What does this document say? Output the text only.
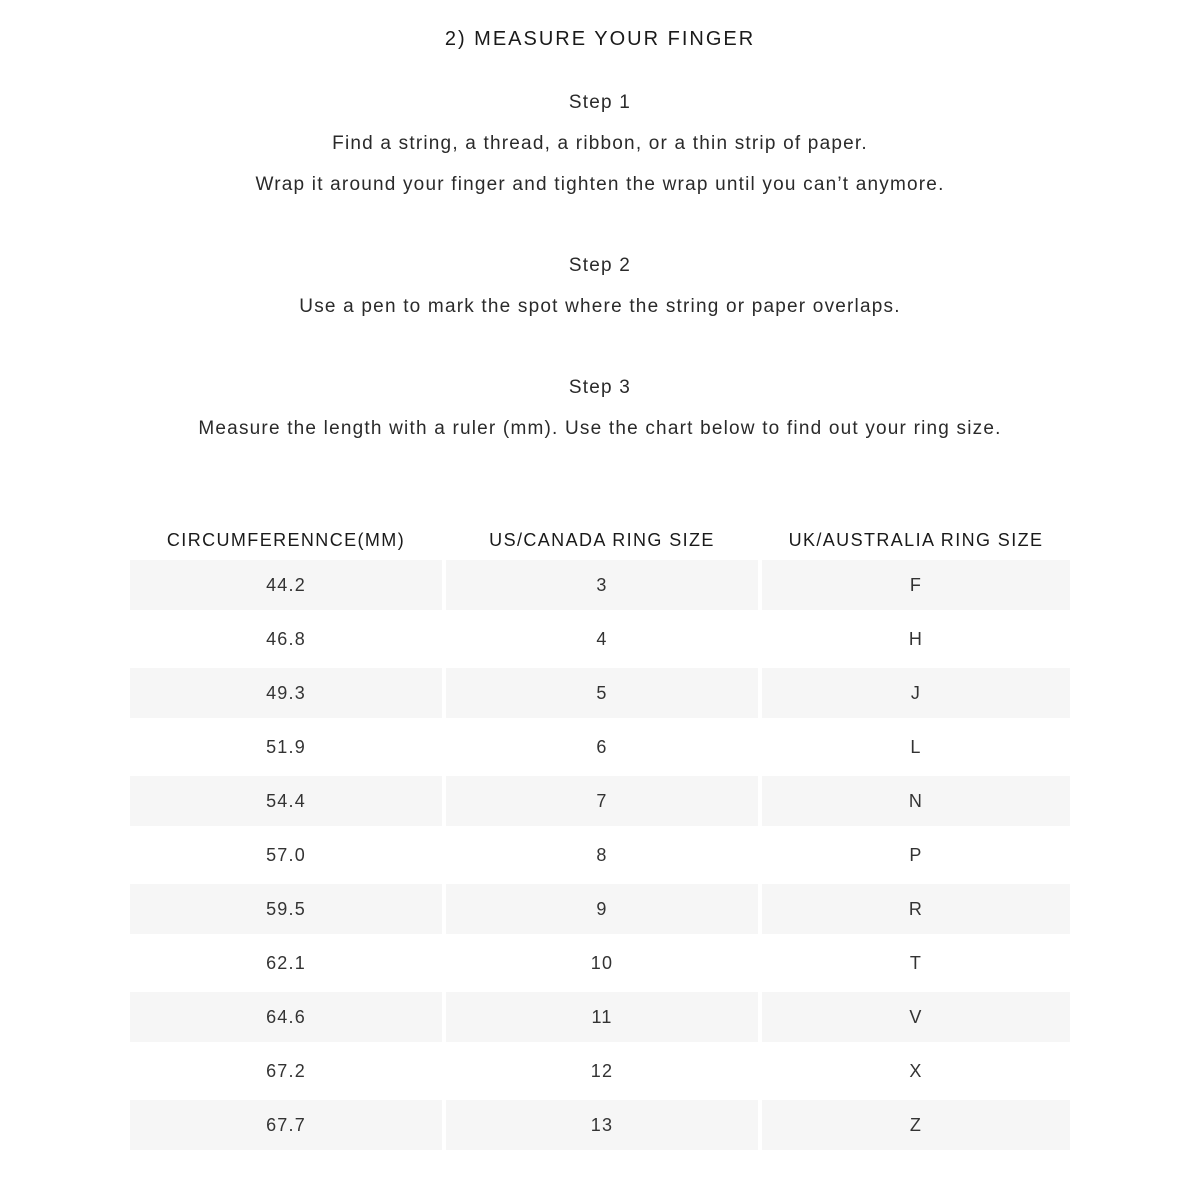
2) MEASURE YOUR FINGER
Step 1
Find a string, a thread, a ribbon, or a thin strip of paper.
Wrap it around your finger and tighten the wrap until you can’t anymore.
Step 2
Use a pen to mark the spot where the string or paper overlaps.
Step 3
Measure the length with a ruler (mm). Use the chart below to find out your ring size.
CIRCUMFERENNCE(MM)	US/CANADA RING SIZE	UK/AUSTRALIA RING SIZE
44.2	3	F
46.8	4	H
49.3	5	J
51.9	6	L
54.4	7	N
57.0	8	P
59.5	9	R
62.1	10	T
64.6	11	V
67.2	12	X
67.7	13	Z
